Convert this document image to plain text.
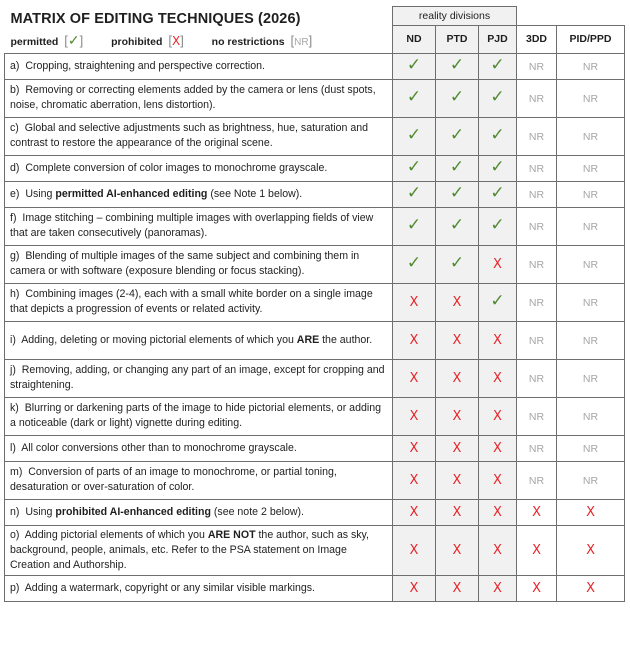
MATRIX OF EDITING TECHNIQUES (2026)
permitted [✓] prohibited [X] no restrictions [NR]	reality divisions				
	ND	PTD	PJD	3DD	PID/PPD
a) Cropping, straightening and perspective correction.	✓	✓	✓	NR	NR
b) Removing or correcting elements added by the camera or lens (dust spots, noise, chromatic aberration, lens distortion).	✓	✓	✓	NR	NR
c) Global and selective adjustments such as brightness, hue, saturation and contrast to restore the appearance of the original scene.	✓	✓	✓	NR	NR
d) Complete conversion of color images to monochrome grayscale.	✓	✓	✓	NR	NR
e) Using permitted AI-enhanced editing (see Note 1 below).	✓	✓	✓	NR	NR
f) Image stitching – combining multiple images with overlapping fields of view that are taken consecutively (panoramas).	✓	✓	✓	NR	NR
g) Blending of multiple images of the same subject and combining them in camera or with software (exposure blending or focus stacking).	✓	✓	X	NR	NR
h) Combining images (2-4), each with a small white border on a single image that depicts a progression of events or related activity.	X	X	✓	NR	NR
i) Adding, deleting or moving pictorial elements of which you ARE the author.	X	X	X	NR	NR
j) Removing, adding, or changing any part of an image, except for cropping and straightening.	X	X	X	NR	NR
k) Blurring or darkening parts of the image to hide pictorial elements, or adding a noticeable (dark or light) vignette during editing.	X	X	X	NR	NR
l) All color conversions other than to monochrome grayscale.	X	X	X	NR	NR
m) Conversion of parts of an image to monochrome, or partial toning, desaturation or over-saturation of color.	X	X	X	NR	NR
n) Using prohibited AI-enhanced editing (see note 2 below).	X	X	X	X	X
o) Adding pictorial elements of which you ARE NOT the author, such as sky, background, people, animals, etc. Refer to the PSA statement on Image Creation and Authorship.	X	X	X	X	X
p) Adding a watermark, copyright or any similar visible markings.	X	X	X	X	X
